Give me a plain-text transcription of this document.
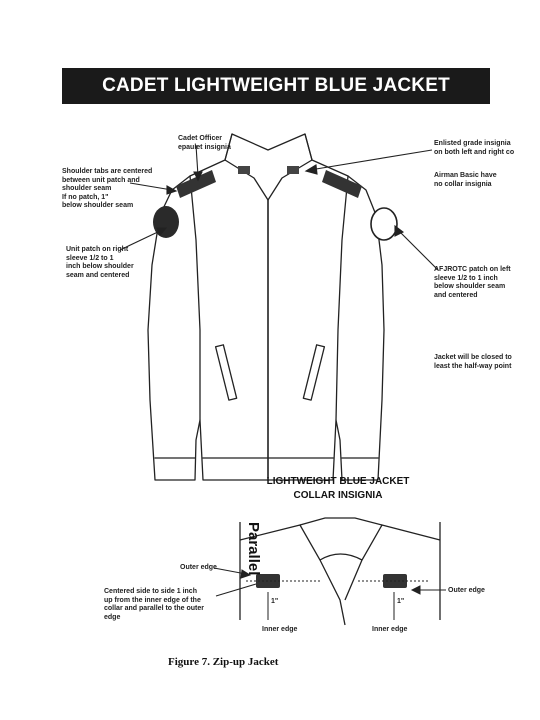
CADET LIGHTWEIGHT BLUE JACKET
Cadet Officer
epaulet insignia
Shoulder tabs are centered
between unit patch and
shoulder seam
If no patch, 1"
below shoulder seam
Unit patch on right
sleeve 1/2 to 1
inch below shoulder
seam and centered
Enlisted grade insignia
on both left and right co
Airman Basic have
no collar insignia
AFJROTC patch on left
sleeve 1/2 to 1 inch
below shoulder seam
and centered
Jacket will be closed to
least the half-way point
LIGHTWEIGHT BLUE JACKET
COLLAR INSIGNIA
Parallel
Outer edge
Outer edge
Centered side to side 1 inch
up from the inner edge of the
collar and parallel to the outer
edge
Inner edge	Inner edge
1"	1"
Figure 7. Zip-up Jacket
